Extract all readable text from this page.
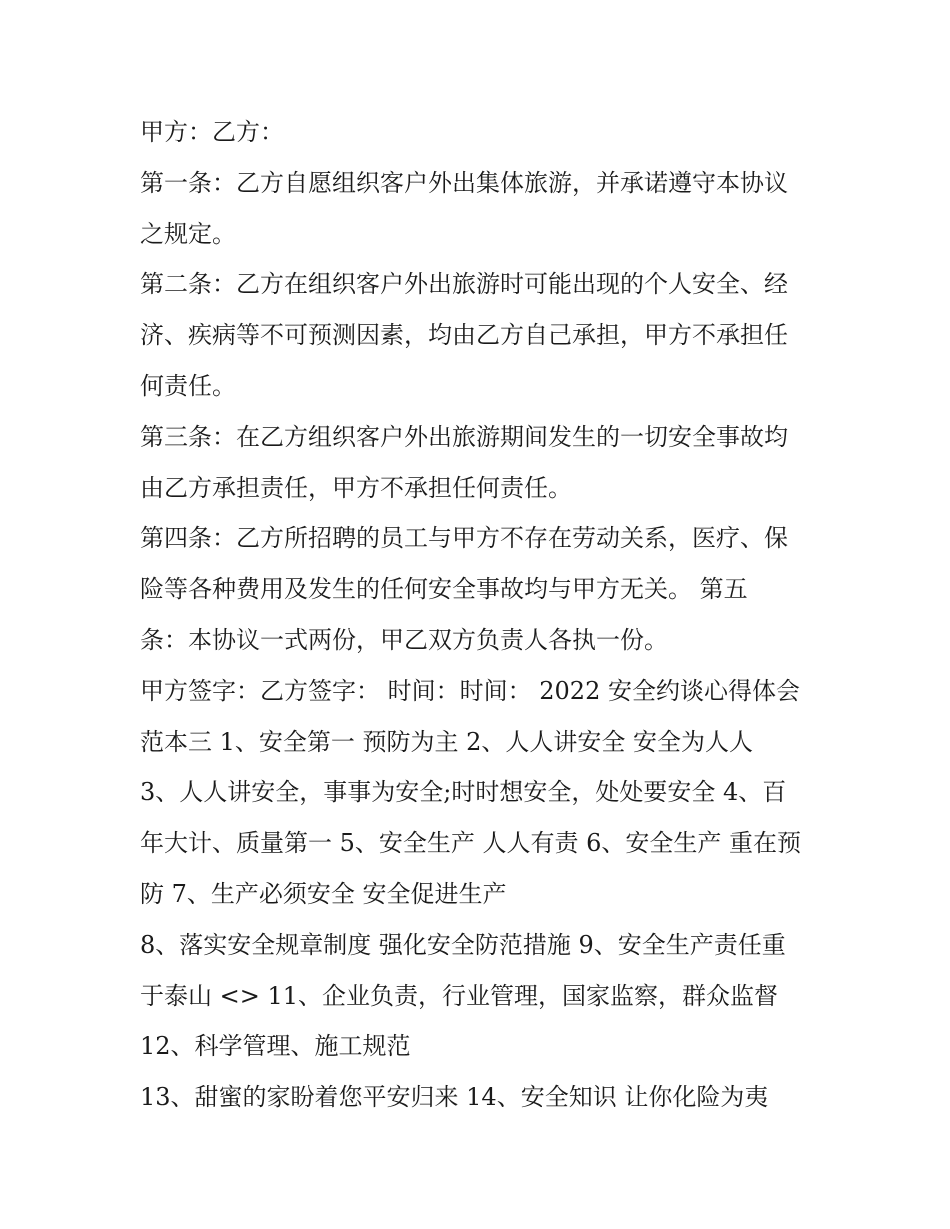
甲方：乙方：
第一条：乙方自愿组织客户外出集体旅游，并承诺遵守本协议
之规定。
第二条：乙方在组织客户外出旅游时可能出现的个人安全、经
济、疾病等不可预测因素，均由乙方自己承担，甲方不承担任
何责任。
第三条：在乙方组织客户外出旅游期间发生的一切安全事故均
由乙方承担责任，甲方不承担任何责任。
第四条：乙方所招聘的员工与甲方不存在劳动关系，医疗、保
险等各种费用及发生的任何安全事故均与甲方无关。 第五
条：本协议一式两份，甲乙双方负责人各执一份。
甲方签字：乙方签字： 时间：时间： 2022 安全约谈心得体会
范本三 1、安全第一 预防为主 2、人人讲安全 安全为人人
3、人人讲安全，事事为安全;时时想安全，处处要安全 4、百
年大计、质量第一 5、安全生产 人人有责 6、安全生产 重在预
防 7、生产必须安全 安全促进生产
8、落实安全规章制度 强化安全防范措施 9、安全生产责任重
于泰山 <> 11、企业负责，行业管理，国家监察，群众监督
12、科学管理、施工规范
13、甜蜜的家盼着您平安归来 14、安全知识 让你化险为夷
